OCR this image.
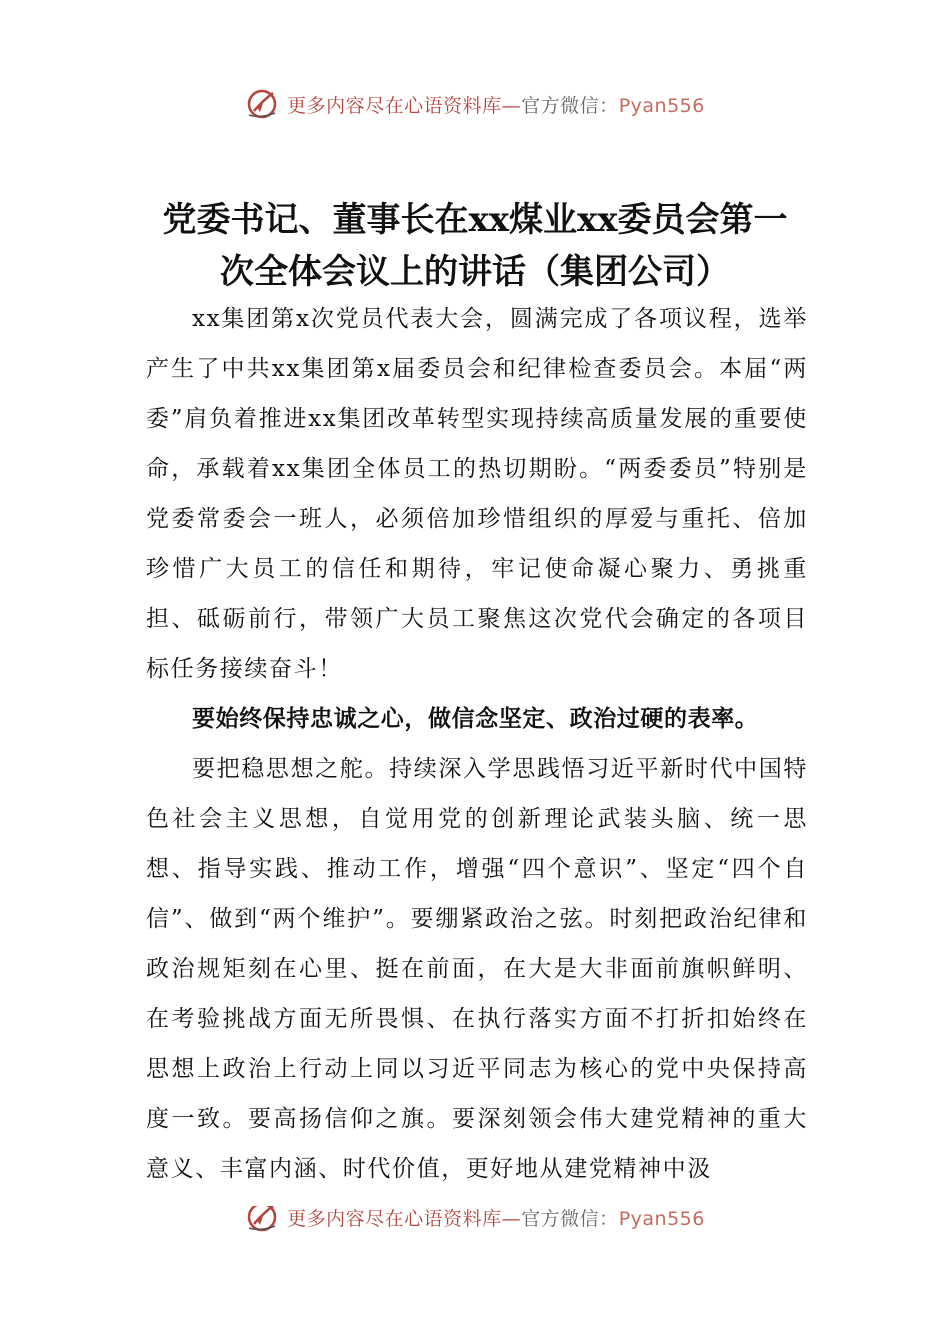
更多内容尽在心语资料库—官方微信：Pyan556
党委书记、董事长在xx煤业xx委员会第一
次全体会议上的讲话（集团公司）

xx集团第x次党员代表大会，圆满完成了各项议程，选举产生了中共xx集团第x届委员会和纪律检查委员会。本届“两委”肩负着推进xx集团改革转型实现持续高质量发展的重要使命，承载着xx集团全体员工的热切期盼。“两委委员”特别是党委常委会一班人，必须倍加珍惜组织的厚爱与重托、倍加珍惜广大员工的信任和期待，牢记使命凝心聚力、勇挑重担、砥砺前行，带领广大员工聚焦这次党代会确定的各项目标任务接续奋斗！

要始终保持忠诚之心，做信念坚定、政治过硬的表率。

要把稳思想之舵。持续深入学思践悟习近平新时代中国特色社会主义思想，自觉用党的创新理论武装头脑、统一思想、指导实践、推动工作，增强“四个意识”、坚定“四个自信”、做到“两个维护”。要绷紧政治之弦。时刻把政治纪律和政治规矩刻在心里、挺在前面，在大是大非面前旗帜鲜明、在考验挑战方面无所畏惧、在执行落实方面不打折扣始终在思想上政治上行动上同以习近平同志为核心的党中央保持高度一致。要高扬信仰之旗。要深刻领会伟大建党精神的重大意义、丰富内涵、时代价值，更好地从建党精神中汲

更多内容尽在心语资料库—官方微信：Pyan556
